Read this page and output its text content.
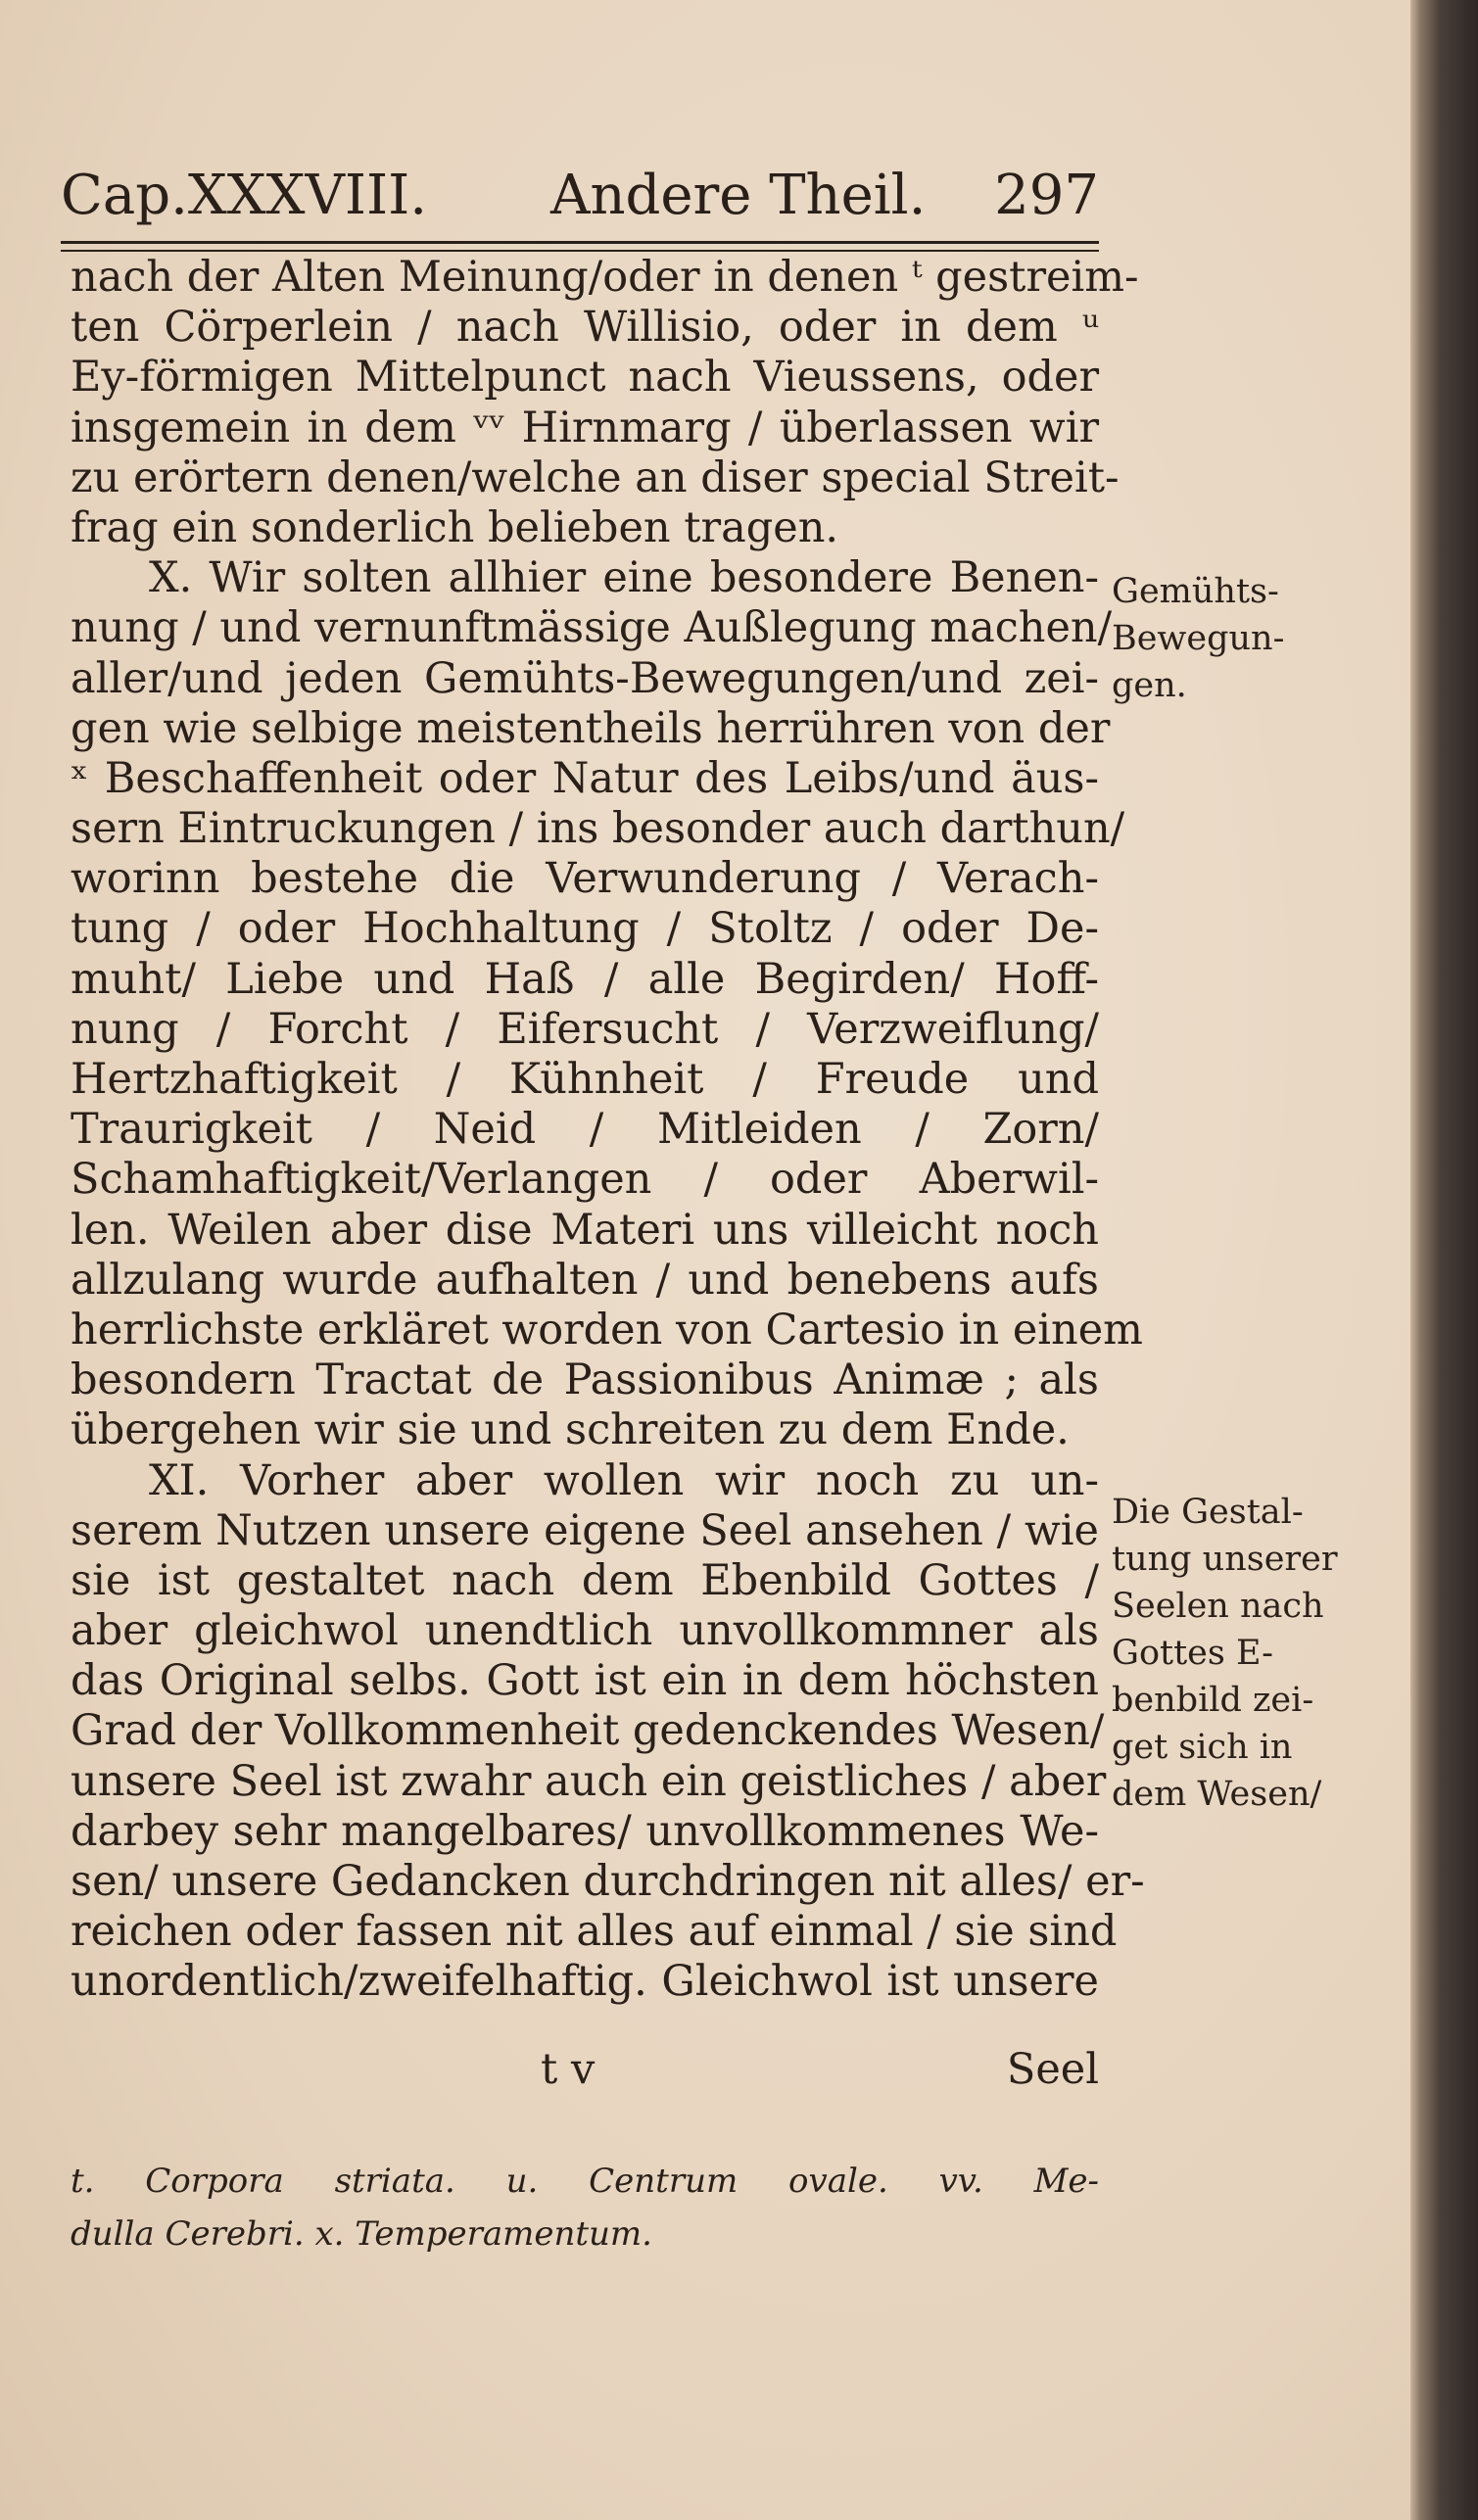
Cap.XXXVIII. Andere Theil. 297
nach der Alten Meinung/oder in denen ᵗ gestreim-
ten Cörperlein / nach Willisio, oder in dem ᵘ
Ey-förmigen Mittelpunct nach Vieussens, oder
insgemein in dem ᵛᵛ Hirnmarg / überlassen wir
zu erörtern denen/welche an diser special Streit-
frag ein sonderlich belieben tragen.
X. Wir solten allhier eine besondere Benen-
nung / und vernunftmässige Außlegung machen/
aller/und jeden Gemühts-Bewegungen/und zei-
gen wie selbige meistentheils herrühren von der
ˣ Beschaffenheit oder Natur des Leibs/und äus-
sern Eintruckungen / ins besonder auch darthun/
worinn bestehe die Verwunderung / Verach-
tung / oder Hochhaltung / Stoltz / oder De-
muht/ Liebe und Haß / alle Begirden/ Hoff-
nung / Forcht / Eifersucht / Verzweiflung/
Hertzhaftigkeit / Kühnheit / Freude und
Traurigkeit / Neid / Mitleiden / Zorn/
Schamhaftigkeit/Verlangen / oder Aberwil-
len. Weilen aber dise Materi uns villeicht noch
allzulang wurde aufhalten / und benebens aufs
herrlichste erkläret worden von Cartesio in einem
besondern Tractat de Passionibus Animæ ; als
übergehen wir sie und schreiten zu dem Ende.
XI. Vorher aber wollen wir noch zu un-
serem Nutzen unsere eigene Seel ansehen / wie
sie ist gestaltet nach dem Ebenbild Gottes /
aber gleichwol unendtlich unvollkommner als
das Original selbs. Gott ist ein in dem höchsten
Grad der Vollkommenheit gedenckendes Wesen/
unsere Seel ist zwahr auch ein geistliches / aber
darbey sehr mangelbares/ unvollkommenes We-
sen/ unsere Gedancken durchdringen nit alles/ er-
reichen oder fassen nit alles auf einmal / sie sind
unordentlich/zweifelhaftig. Gleichwol ist unsere
Gemühts-
Bewegun-
gen.
Die Gestal-
tung unserer
Seelen nach
Gottes E-
benbild zei-
get sich in
dem Wesen/
t v	Seel
t. Corpora striata. u. Centrum ovale. vv. Me-
dulla Cerebri. x. Temperamentum.
